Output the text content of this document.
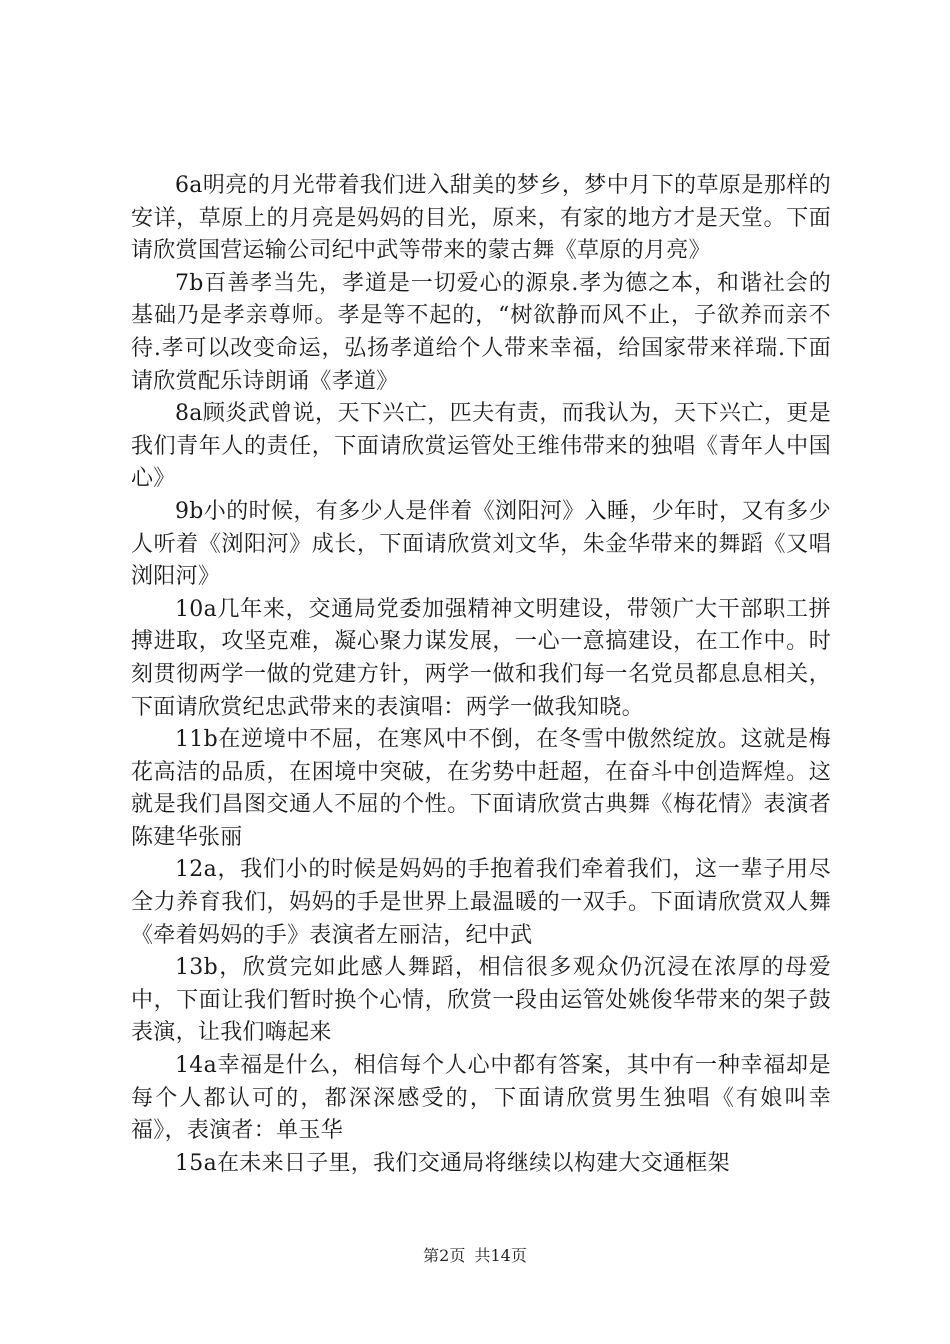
6a明亮的月光带着我们进入甜美的梦乡，梦中月下的草原是那样的安详，草原上的月亮是妈妈的目光，原来，有家的地方才是天堂。下面请欣赏国营运输公司纪中武等带来的蒙古舞《草原的月亮》

7b百善孝当先，孝道是一切爱心的源泉.孝为德之本，和谐社会的基础乃是孝亲尊师。孝是等不起的，“树欲静而风不止，子欲养而亲不待.孝可以改变命运，弘扬孝道给个人带来幸福，给国家带来祥瑞.下面请欣赏配乐诗朗诵《孝道》

8a顾炎武曾说，天下兴亡，匹夫有责，而我认为，天下兴亡，更是我们青年人的责任，下面请欣赏运管处王维伟带来的独唱《青年人中国心》

9b小的时候，有多少人是伴着《浏阳河》入睡，少年时，又有多少人听着《浏阳河》成长，下面请欣赏刘文华，朱金华带来的舞蹈《又唱浏阳河》

10a几年来，交通局党委加强精神文明建设，带领广大干部职工拼搏进取，攻坚克难，凝心聚力谋发展，一心一意搞建设，在工作中。时刻贯彻两学一做的党建方针，两学一做和我们每一名党员都息息相关，下面请欣赏纪忠武带来的表演唱：两学一做我知晓。

11b在逆境中不屈，在寒风中不倒，在冬雪中傲然绽放。这就是梅花高洁的品质，在困境中突破，在劣势中赶超，在奋斗中创造辉煌。这就是我们昌图交通人不屈的个性。下面请欣赏古典舞《梅花情》表演者陈建华张丽

12a，我们小的时候是妈妈的手抱着我们牵着我们，这一辈子用尽全力养育我们，妈妈的手是世界上最温暖的一双手。下面请欣赏双人舞《牵着妈妈的手》表演者左丽洁，纪中武

13b，欣赏完如此感人舞蹈，相信很多观众仍沉浸在浓厚的母爱中，下面让我们暂时换个心情，欣赏一段由运管处姚俊华带来的架子鼓表演，让我们嗨起来

14a幸福是什么，相信每个人心中都有答案，其中有一种幸福却是每个人都认可的，都深深感受的，下面请欣赏男生独唱《有娘叫幸福》，表演者：单玉华

15a在未来日子里，我们交通局将继续以构建大交通框架

第2页 共14页
